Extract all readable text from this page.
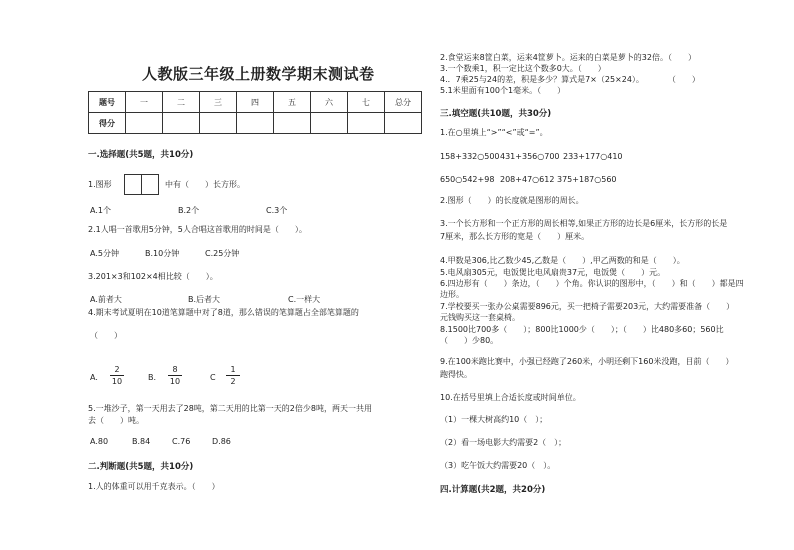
人教版三年级上册数学期末测试卷
题号	一	二	三	四	五	六	七	总分
得分								
一.选择题(共5题，共10分)
1.图形	中有（　　）长方形。
A.1个	B.2个	C.3个
2.1人唱一首歌用5分钟，5人合唱这首歌用的时间是（　　）。
A.5分钟	B.10分钟	C.25分钟
3.201×3和102×4相比较（　　）。
A.前者大	B.后者大	C.一样大
4.期末考试夏明在10道笔算题中对了8道，那么错误的笔算题占全部笔算题的
（　　）
A.
2
10	B.
8
10	C
1
2
5.一堆沙子，第一天用去了28吨，第二天用的比第一天的2倍少8吨，两天一共用
去（　　）吨。
A.80	B.84	C.76	D.86
二.判断题(共5题，共10分)
1.人的体重可以用千克表示。（　　）
2.食堂运来8筐白菜，运来4筐萝卜。运来的白菜是萝卜的32倍。（　　）
3.一个数乘1，积一定比这个数多0大。（　　）
4.．7乘25与24的差，积是多少？算式是7×（25×24）。　　　　（　　）
5.1米里面有100个1毫米。（　　）
三.填空题(共10题，共30分)
1.在○里填上“>”“<”或“=”。
158+332○500 431+356○700 233+177○410
650○542+98 208+47○612 375+187○560
2.图形（　　）的长度就是图形的周长。
3.一个长方形和一个正方形的周长相等,如果正方形的边长是6厘米，长方形的长是
7厘米，那么长方形的宽是（　　）厘米。
4.甲数是306,比乙数少45,乙数是（　　）,甲乙两数的和是（　　）。
5.电风扇305元，电饭煲比电风扇贵37元，电饭煲（　　）元。
6.四边形有（　　）条边，（　　）个角。你认识的图形中，（　　）和（　　）都是四
边形。
7.学校要买一张办公桌需要896元，买一把椅子需要203元，大约需要准备（　　）
元钱购买这一套桌椅。
8.1500比700多（　　）；800比1000少（　　）；（　　）比480多60；560比
（　　）少80。
9.在100米跑比赛中，小强已经跑了260米，小明还剩下160米没跑，目前（　　）
跑得快。
10.在括号里填上合适长度或时间单位。
（1）一棵大树高约10（　）；
（2）看一场电影大约需要2（　）；
（3）吃午饭大约需要20（　）。
四.计算题(共2题，共20分)
